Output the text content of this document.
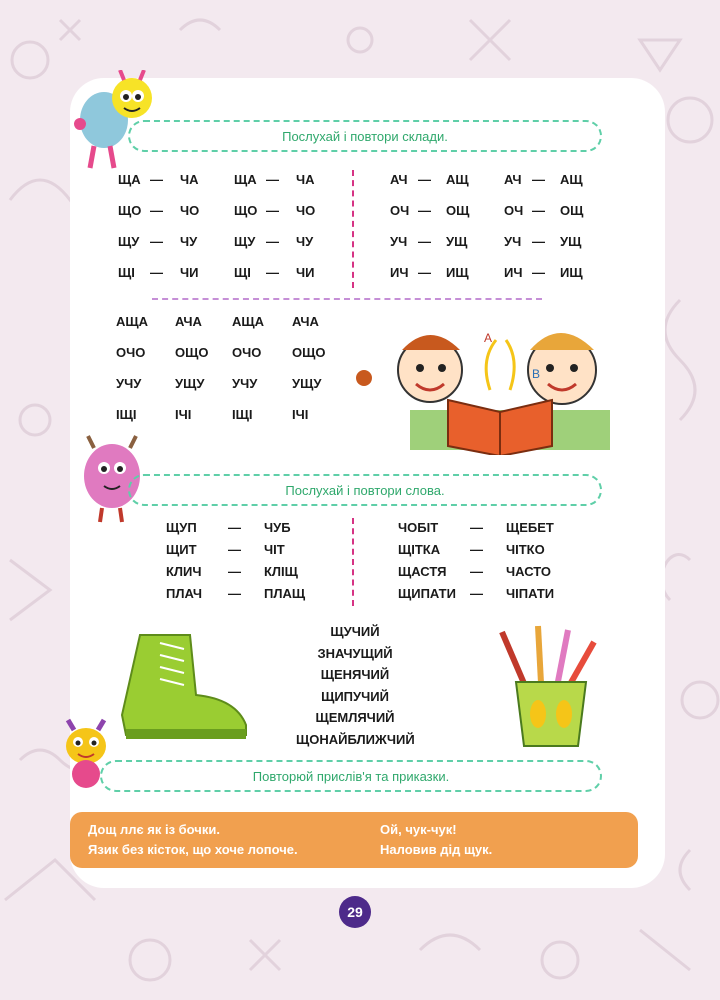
Послухай і повтори склади.
ЩА — ЧА	ЩА — ЧА
ЩО — ЧО	ЩО — ЧО
ЩУ — ЧУ	ЩУ — ЧУ
ЩІ — ЧИ	ЩІ — ЧИ
АЧ — АЩ	АЧ — АЩ
ОЧ — ОЩ	ОЧ — ОЩ
УЧ — УЩ	УЧ — УЩ
ИЧ — ИЩ	ИЧ — ИЩ
АЩА АЧА АЩА АЧА
ОЧО ОЩО ОЧО ОЩО
УЧУ	УЩУ УЧУ	УЩУ
ІЩІ	ІЧІ	ІЩІ	ІЧІ
А
В
Послухай і повтори слова.
ЩУП — ЧУБ
ЩИТ — ЧІТ
КЛИЧ — КЛІЩ
ПЛАЧ — ПЛАЩ
ЧОБІТ — ЩЕБЕТ
ЩІТКА — ЧІТКО
ЩАСТЯ — ЧАСТО
ЩИПАТИ — ЧІПАТИ
ЩУЧИЙ
ЗНАЧУЩИЙ
ЩЕНЯЧИЙ
ЩИПУЧИЙ
ЩЕМЛЯЧИЙ
ЩОНАЙБЛИЖЧИЙ
Повторюй прислів'я та приказки.
Дощ ллє як із бочки.
Язик без кісток, що хоче лопоче.
Ой, чук-чук!
Наловив дід щук.
29
